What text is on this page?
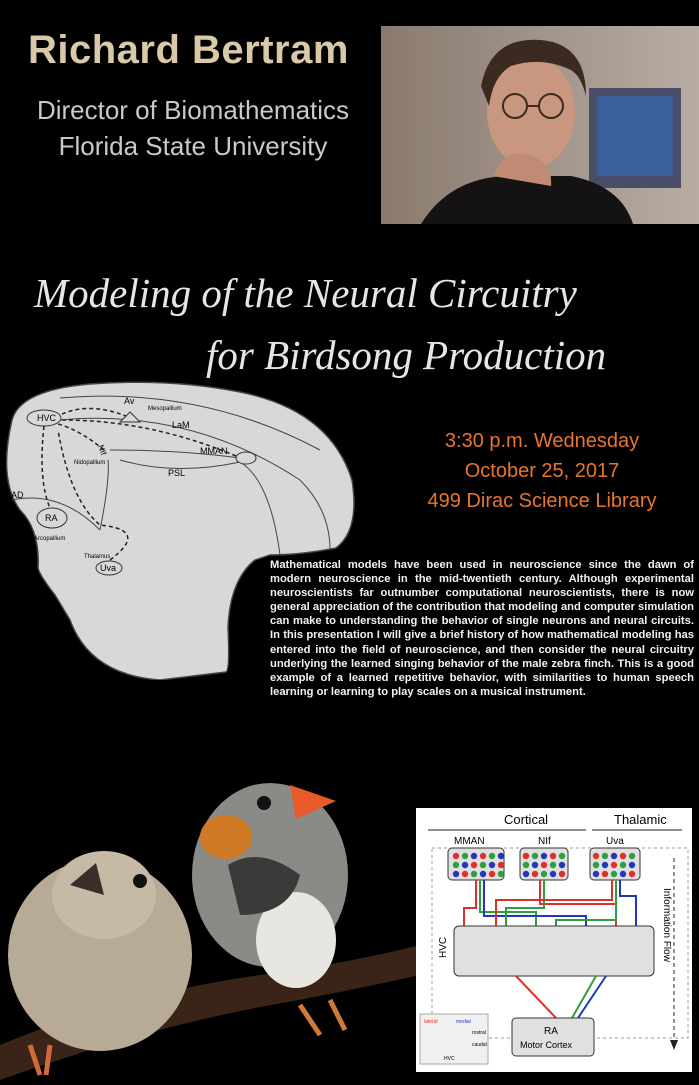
Richard Bertram
Director of Biomathematics
Florida State University
Modeling of the Neural Circuitry
for Birdsong Production
3:30 p.m. Wednesday
October 25, 2017
499 Dirac Science Library
HVC
Av
Mesopallium
LaM
NIf
Nidopallium
MMAN
PSL
LAD
RA
Arcopallium
Thalamus
Uva	Mathematical models have been used in neuroscience since the dawn of modern neuroscience in the mid-twentieth century. Although experimental neuroscientists far outnumber computational neuroscientists, there is now general appreciation of the contribution that modeling and computer simulation can make to understanding the behavior of single neurons and neural circuits. In this presentation I will give a brief history of how mathematical modeling has entered into the field of neuroscience, and then consider the neural circuitry underlying the learned singing behavior of the male zebra finch. This is a good example of a learned repetitive behavior, with similarities to human speech learning or learning to play scales on a musical instrument.
Cortical	Thalamic
MMAN	NIf	Uva
HVC
RA
Motor Cortex
Information Flow
lateral	medial
rostral
caudal
HVC
